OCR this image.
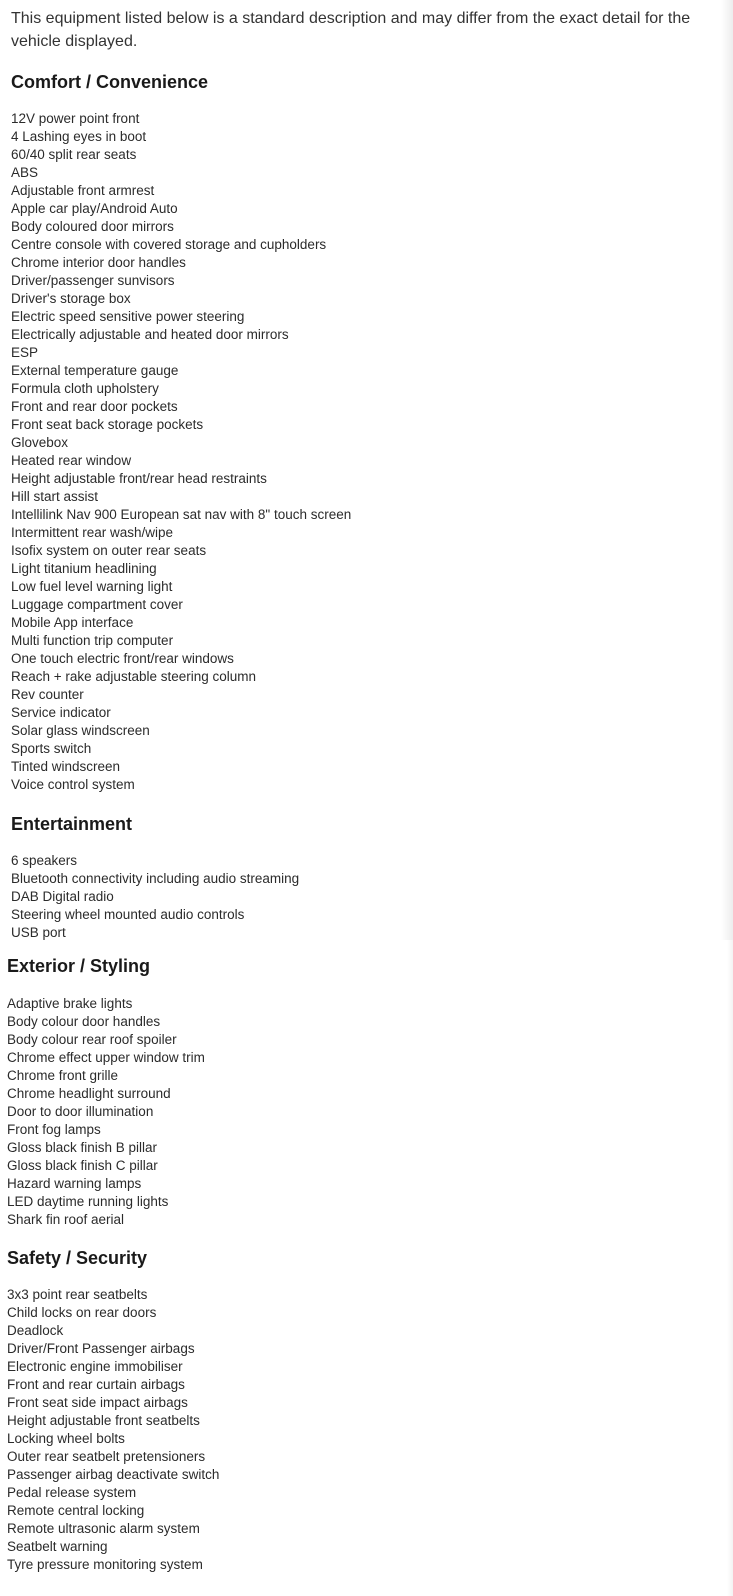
This equipment listed below is a standard description and may differ from the exact detail for the vehicle displayed.

Comfort / Convenience
12V power point front
4 Lashing eyes in boot
60/40 split rear seats
ABS
Adjustable front armrest
Apple car play/Android Auto
Body coloured door mirrors
Centre console with covered storage and cupholders
Chrome interior door handles
Driver/passenger sunvisors
Driver's storage box
Electric speed sensitive power steering
Electrically adjustable and heated door mirrors
ESP
External temperature gauge
Formula cloth upholstery
Front and rear door pockets
Front seat back storage pockets
Glovebox
Heated rear window
Height adjustable front/rear head restraints
Hill start assist
Intellilink Nav 900 European sat nav with 8" touch screen
Intermittent rear wash/wipe
Isofix system on outer rear seats
Light titanium headlining
Low fuel level warning light
Luggage compartment cover
Mobile App interface
Multi function trip computer
One touch electric front/rear windows
Reach + rake adjustable steering column
Rev counter
Service indicator
Solar glass windscreen
Sports switch
Tinted windscreen
Voice control system
Entertainment
6 speakers
Bluetooth connectivity including audio streaming
DAB Digital radio
Steering wheel mounted audio controls
USB port
Exterior / Styling
Adaptive brake lights
Body colour door handles
Body colour rear roof spoiler
Chrome effect upper window trim
Chrome front grille
Chrome headlight surround
Door to door illumination
Front fog lamps
Gloss black finish B pillar
Gloss black finish C pillar
Hazard warning lamps
LED daytime running lights
Shark fin roof aerial
Safety / Security
3x3 point rear seatbelts
Child locks on rear doors
Deadlock
Driver/Front Passenger airbags
Electronic engine immobiliser
Front and rear curtain airbags
Front seat side impact airbags
Height adjustable front seatbelts
Locking wheel bolts
Outer rear seatbelt pretensioners
Passenger airbag deactivate switch
Pedal release system
Remote central locking
Remote ultrasonic alarm system
Seatbelt warning
Tyre pressure monitoring system
